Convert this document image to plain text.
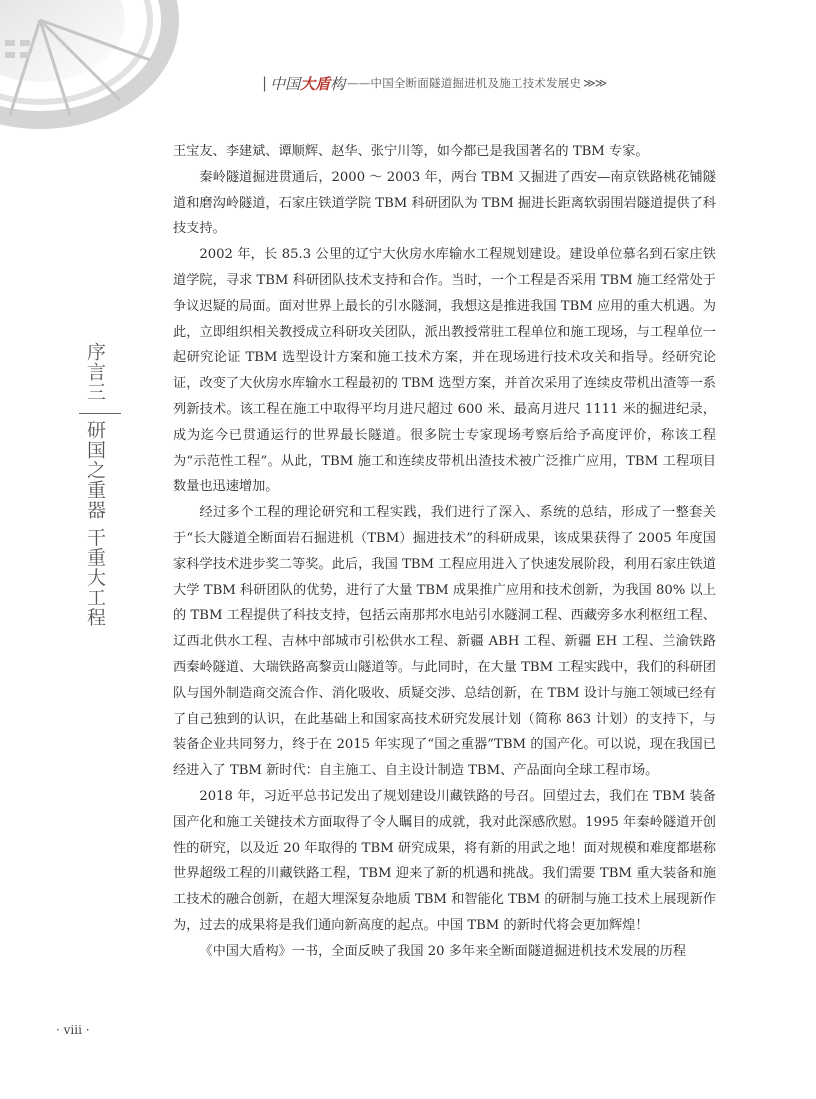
| 中国 大盾 构 ——中国全断面隧道掘进机及施工技术发展史 ≫≫
序言三
研国之重器 干重大工程

王宝友、李建斌、谭顺辉、赵华、张宁川等，如今都已是我国著名的 TBM 专家。

秦岭隧道掘进贯通后，2000 ～ 2003 年，两台 TBM 又掘进了西安—南京铁路桃花铺隧道和磨沟岭隧道，石家庄铁道学院 TBM 科研团队为 TBM 掘进长距离软弱围岩隧道提供了科技支持。

2002 年，长 85.3 公里的辽宁大伙房水库输水工程规划建设。建设单位慕名到石家庄铁道学院，寻求 TBM 科研团队技术支持和合作。当时，一个工程是否采用 TBM 施工经常处于争议迟疑的局面。面对世界上最长的引水隧洞，我想这是推进我国 TBM 应用的重大机遇。为此，立即组织相关教授成立科研攻关团队，派出教授常驻工程单位和施工现场，与工程单位一起研究论证 TBM 选型设计方案和施工技术方案，并在现场进行技术攻关和指导。经研究论证，改变了大伙房水库输水工程最初的 TBM 选型方案，并首次采用了连续皮带机出渣等一系列新技术。该工程在施工中取得平均月进尺超过 600 米、最高月进尺 1111 米的掘进纪录，成为迄今已贯通运行的世界最长隧道。很多院士专家现场考察后给予高度评价，称该工程为“示范性工程”。从此，TBM 施工和连续皮带机出渣技术被广泛推广应用，TBM 工程项目数量也迅速增加。

经过多个工程的理论研究和工程实践，我们进行了深入、系统的总结，形成了一整套关于“长大隧道全断面岩石掘进机（TBM）掘进技术”的科研成果，该成果获得了 2005 年度国家科学技术进步奖二等奖。此后，我国 TBM 工程应用进入了快速发展阶段，利用石家庄铁道大学 TBM 科研团队的优势，进行了大量 TBM 成果推广应用和技术创新，为我国 80% 以上的 TBM 工程提供了科技支持，包括云南那邦水电站引水隧洞工程、西藏旁多水利枢纽工程、辽西北供水工程、吉林中部城市引松供水工程、新疆 ABH 工程、新疆 EH 工程、兰渝铁路西秦岭隧道、大瑞铁路高黎贡山隧道等。与此同时，在大量 TBM 工程实践中，我们的科研团队与国外制造商交流合作、消化吸收、质疑交涉、总结创新，在 TBM 设计与施工领域已经有了自己独到的认识，在此基础上和国家高技术研究发展计划（简称 863 计划）的支持下，与装备企业共同努力，终于在 2015 年实现了“国之重器”TBM 的国产化。可以说，现在我国已经进入了 TBM 新时代：自主施工、自主设计制造 TBM、产品面向全球工程市场。

2018 年，习近平总书记发出了规划建设川藏铁路的号召。回望过去，我们在 TBM 装备国产化和施工关键技术方面取得了令人瞩目的成就，我对此深感欣慰。1995 年秦岭隧道开创性的研究，以及近 20 年取得的 TBM 研究成果，将有新的用武之地！面对规模和难度都堪称世界超级工程的川藏铁路工程，TBM 迎来了新的机遇和挑战。我们需要 TBM 重大装备和施工技术的融合创新，在超大埋深复杂地质 TBM 和智能化 TBM 的研制与施工技术上展现新作为，过去的成果将是我们通向新高度的起点。中国 TBM 的新时代将会更加辉煌！

《中国大盾构》一书，全面反映了我国 20 多年来全断面隧道掘进机技术发展的历程

· viii ·
